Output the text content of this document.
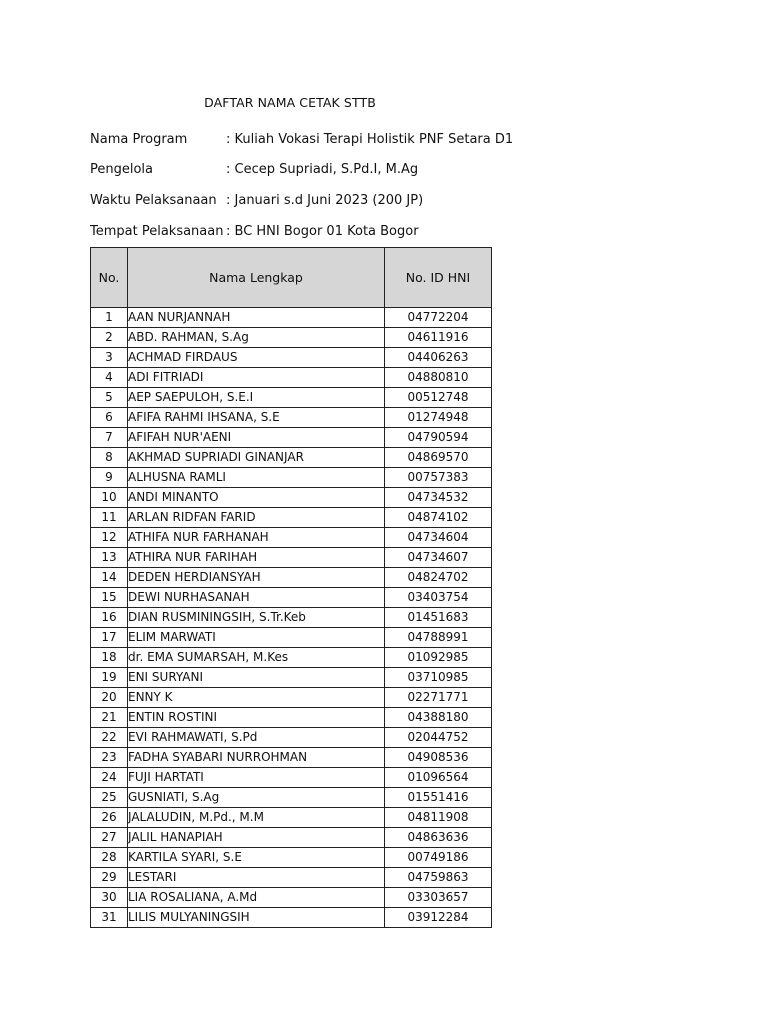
DAFTAR NAMA CETAK STTB
Nama Program	: Kuliah Vokasi Terapi Holistik PNF Setara D1
Pengelola	: Cecep Supriadi, S.Pd.I, M.Ag
Waktu Pelaksanaan : Januari s.d Juni 2023 (200 JP)
Tempat Pelaksanaan : BC HNI Bogor 01 Kota Bogor
No.	Nama Lengkap	No. ID HNI
1	AAN NURJANNAH	04772204
2	ABD. RAHMAN, S.Ag	04611916
3	ACHMAD FIRDAUS	04406263
4	ADI FITRIADI	04880810
5	AEP SAEPULOH, S.E.I	00512748
6	AFIFA RAHMI IHSANA, S.E	01274948
7	AFIFAH NUR'AENI	04790594
8	AKHMAD SUPRIADI GINANJAR	04869570
9	ALHUSNA RAMLI	00757383
10	ANDI MINANTO	04734532
11	ARLAN RIDFAN FARID	04874102
12	ATHIFA NUR FARHANAH	04734604
13	ATHIRA NUR FARIHAH	04734607
14	DEDEN HERDIANSYAH	04824702
15	DEWI NURHASANAH	03403754
16	DIAN RUSMININGSIH, S.Tr.Keb	01451683
17	ELIM MARWATI	04788991
18	dr. EMA SUMARSAH, M.Kes	01092985
19	ENI SURYANI	03710985
20	ENNY K	02271771
21	ENTIN ROSTINI	04388180
22	EVI RAHMAWATI, S.Pd	02044752
23	FADHA SYABARI NURROHMAN	04908536
24	FUJI HARTATI	01096564
25	GUSNIATI, S.Ag	01551416
26	JALALUDIN, M.Pd., M.M	04811908
27	JALIL HANAPIAH	04863636
28	KARTILA SYARI, S.E	00749186
29	LESTARI	04759863
30	LIA ROSALIANA, A.Md	03303657
31	LILIS MULYANINGSIH	03912284
